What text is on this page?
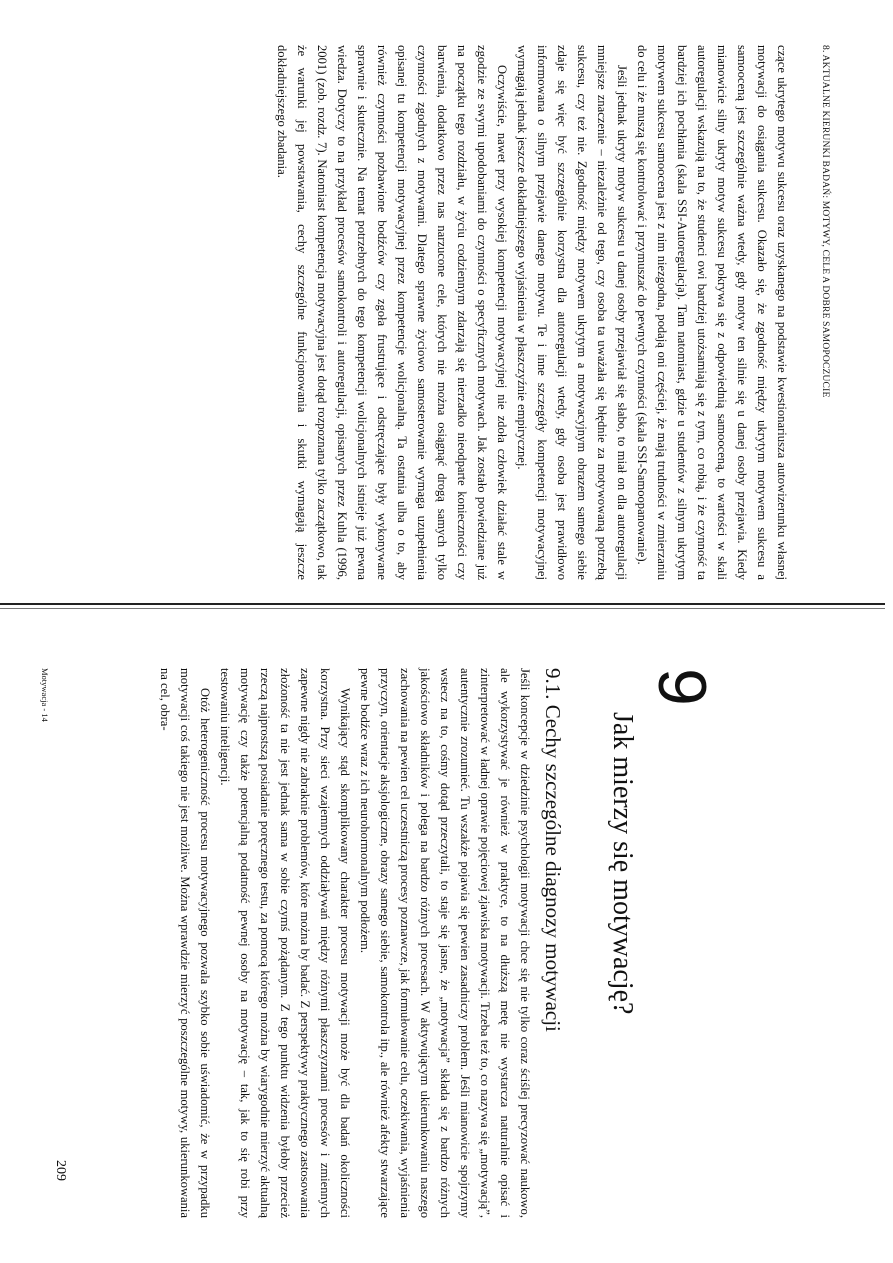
8. AKTUALNE KIERUNKI BADAŃ: MOTYWY, CELE A DOBRE SAMOPOCZUCIE

czące ukrytego motywu sukcesu oraz uzyskanego na podstawie kwestionariusza autowizerunku własnej motywacji do osiągania sukcesu. Okazało się, że zgodność między ukrytym motywem sukcesu a samooceną jest szczególnie ważna wtedy, gdy motyw ten silnie się u danej osoby przejawia. Kiedy mianowicie silny ukryty motyw sukcesu pokrywa się z odpowiednią samooceną, to wartości w skali autoregulacji wskazują na to, że studenci owi bardziej utożsamiają się z tym, co robią, i że czynność ta bardziej ich pochłania (skala SSI-Autoregulacja). Tam natomiast, gdzie u studentów z silnym ukrytym motywem sukcesu samoocena jest z nim niezgodna, podają oni częściej, że mają trudności w zmierzaniu do celu i że muszą się kontrolować i przymuszać do pewnych czynności (skala SSI-Samoopanowanie).

Jeśli jednak ukryty motyw sukcesu u danej osoby przejawiał się słabo, to miał on dla autoregulacji mniejsze znaczenie – niezależnie od tego, czy osoba ta uważała się błędnie za motywowaną potrzebą sukcesu, czy też nie. Zgodność między motywem ukrytym a motywacyjnym obrazem samego siebie zdaje się więc być szczególnie korzystna dla autoregulacji wtedy, gdy osoba jest prawidłowo informowana o silnym przejawie danego motywu. Te i inne szczegóły kompetencji motywacyjnej wymagają jednak jeszcze dokładniejszego wyjaśnienia w płaszczyźnie empirycznej.

Oczywiście, nawet przy wysokiej kompetencji motywacyjnej nie zdoła człowiek działać stale w zgodzie ze swymi upodobaniami do czynności o specyficznych motywach. Jak zostało powiedziane już na początku tego rozdziału, w życiu codziennym zdarzają się nierzadko nieodparte konieczności czy barwienia, dodatkowo przez nas narzucone cele, których nie można osiągnąć drogą samych tylko czynności zgodnych z motywami. Dlatego sprawne życiowo samosterowanie wymaga uzupełnienia opisanej tu kompetencji motywacyjnej przez kompetencje wolicjonalną. Ta ostatnia ulba o to, aby również czynności pozbawione bodźców czy zgoła frustrujące i odstręczające były wykonywane sprawnie i skutecznie. Na temat potrzebnych do tego kompetencji wolicjonalnych istnieje już pewna wiedza. Dotyczy to na przykład procesów samokontroli i autoregulacji, opisanych przez Kuhla (1996, 2001) (zob. rozdz. 7). Natomiast kompetencja motywacyjna jest dotąd rozpoznana tylko zaczątkowo, tak że warunki jej powstawania, cechy szczególne funkcjonowania i skutki wymagają jeszcze dokładniejszego zbadania.

9
Jak mierzy się motywację?
9.1. Cechy szczególne diagnozy motywacji

Jeśli koncepcje w dziedzinie psychologii motywacji chce się nie tylko coraz ściślej precyzować naukowo, ale wykorzystywać je również w praktyce, to na dłuższą metę nie wystarcza naturalnie opisać i zinterpretować w ładnej oprawie pojęciowej zjawiska motywacji. Trzeba też to, co nazywa się „motywacją”, autentycznie zrozumieć. Tu wszakże pojawia się pewien zasadniczy problem. Jeśli mianowicie spojrzymy wstecz na to, cośmy dotąd przeczytali, to staje się jasne, że „motywacja” składa się z bardzo różnych jakościowo składników i polega na bardzo różnych procesach. W aktywującym ukierunkowaniu naszego zachowania na pewien cel uczestniczą procesy poznawcze, jak formułowanie celu, oczekiwania, wyjaśnienia przyczyn, orientacje aksjologiczne, obrazy samego siebie, samokontrola itp., ale również afekty stwarzające pewne bodźce wraz z ich neurohormonalnym podłożem.

Wynikający stąd skomplikowany charakter procesu motywacji może być dla badań okoliczności korzystna. Przy sieci wzajemnych oddziaływań między różnymi płaszczyznami procesów i zmiennych zapewne nigdy nie zabraknie problemów, które można by badać. Z perspektywy praktycznego zastosowania złożoność ta nie jest jednak sama w sobie czymś pożądanym. Z tego punktu widzenia byłoby przecież rzeczą najprostszą posiadanie poręcznego testu, za pomocą którego można by wiarygodnie mierzyć aktualną motywację czy także potencjalną podatność pewnej osoby na motywację – tak, jak to się robi przy testowaniu inteligencji.

Otóż heterogeniczność procesu motywacyjnego pozwala szybko sobie uświadomić, że w przypadku motywacji coś takiego nie jest możliwe. Można wprawdzie mierzyć poszczególne motywy, ukierunkowania na cel, obra-

Motywacja - 14
209
